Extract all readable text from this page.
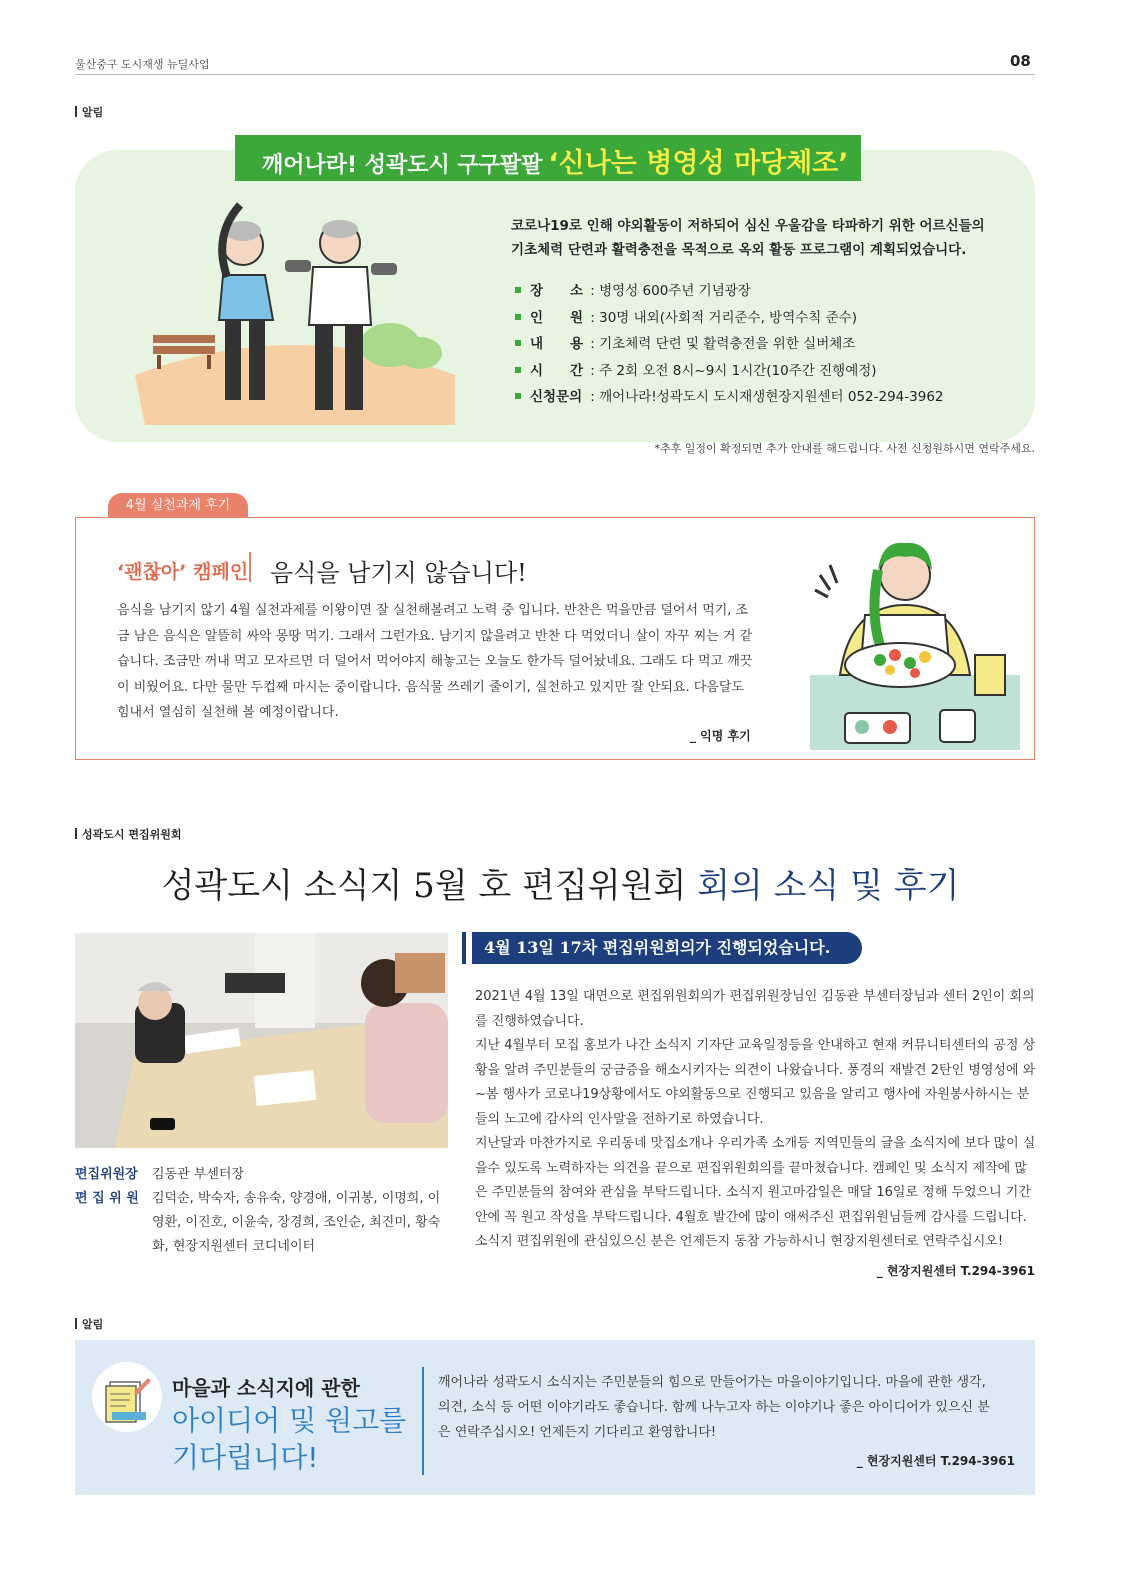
울산중구 도시재생 뉴딜사업	08
알림
깨어나라! 성곽도시 구구팔팔 ‘신나는 병영성 마당체조’
코로나19로 인해 야외활동이 저하되어 심신 우울감을 타파하기 위한 어르신들의 기초체력 단련과 활력충전을 목적으로 옥외 활동 프로그램이 계획되었습니다.
장　　소 : 병영성 600주년 기념광장
인　　원 : 30명 내외(사회적 거리준수, 방역수칙 준수)
내　　용 : 기초체력 단련 및 활력충전을 위한 실버체조
시　　간 : 주 2회 오전 8시~9시 1시간(10주간 진행예정)
신청문의 : 깨어나라!성곽도시 도시재생현장지원센터 052-294-3962
*추후 일정이 확정되면 추가 안내를 해드립니다. 사전 신청원하시면 연락주세요.
4월 실천과제 후기
‘괜찮아’ 캠페인 음식을 남기지 않습니다!
음식을 남기지 않기 4월 실천과제를 이왕이면 잘 실천해볼려고 노력 중 입니다. 반찬은 먹을만큼 덜어서 먹기, 조금 남은 음식은 알뜰히 싸악 몽땅 먹기. 그래서 그런가요. 남기지 않을려고 반찬 다 먹었더니 살이 자꾸 찌는 거 같습니다. 조금만 꺼내 먹고 모자르면 더 덜어서 먹어야지 해놓고는 오늘도 한가득 덜어놨네요. 그래도 다 먹고 깨끗이 비웠어요. 다만 물만 두컵째 마시는 중이랍니다. 음식물 쓰레기 줄이기, 실천하고 있지만 잘 안되요. 다음달도 힘내서 열심히 실천해 볼 예정이랍니다.
_ 익명 후기
성곽도시 편집위원회
성곽도시 소식지 5월 호 편집위원회 회의 소식 및 후기
4월 13일 17차 편집위원회의가 진행되었습니다.

2021년 4월 13일 대면으로 편집위원회의가 편집위원장님인 김동관 부센터장님과 센터 2인이 회의를 진행하였습니다.

지난 4월부터 모집 홍보가 나간 소식지 기자단 교육일정등을 안내하고 현재 커뮤니티센터의 공정 상황을 알려 주민분들의 궁금증을 해소시키자는 의견이 나왔습니다. 풍경의 재발견 2탄인 병영성에 와~봄 행사가 코로나19상황에서도 야외활동으로 진행되고 있음을 알리고 행사에 자원봉사하시는 분들의 노고에 감사의 인사말을 전하기로 하였습니다.

지난달과 마찬가지로 우리동네 맛집소개나 우리가족 소개등 지역민들의 글을 소식지에 보다 많이 실을수 있도록 노력하자는 의견을 끝으로 편집위원회의를 끝마쳤습니다. 캠페인 및 소식지 제작에 많은 주민분들의 참여와 관심을 부탁드립니다. 소식지 원고마감일은 매달 16일로 정해 두었으니 기간안에 꼭 원고 작성을 부탁드립니다. 4월호 발간에 많이 애써주신 편집위원님들께 감사를 드립니다. 소식지 편집위원에 관심있으신 분은 언제든지 동참 가능하시니 현장지원센터로 연락주십시오!

_ 현장지원센터 T.294-3961
편집위원장	김동관 부센터장
편 집 위 원	김덕순, 박숙자, 송유숙, 양경애, 이귀봉, 이명희, 이영환, 이진호, 이윤숙, 장경희, 조인순, 최진미, 황숙화, 현장지원센터 코디네이터
알림
마을과 소식지에 관한
아이디어 및 원고를 기다립니다!
깨어나라 성곽도시 소식지는 주민분들의 힘으로 만들어가는 마을이야기입니다. 마을에 관한 생각, 의견, 소식 등 어떤 이야기라도 좋습니다. 함께 나누고자 하는 이야기나 좋은 아이디어가 있으신 분은 연락주십시오! 언제든지 기다리고 환영합니다!
_ 현장지원센터 T.294-3961
